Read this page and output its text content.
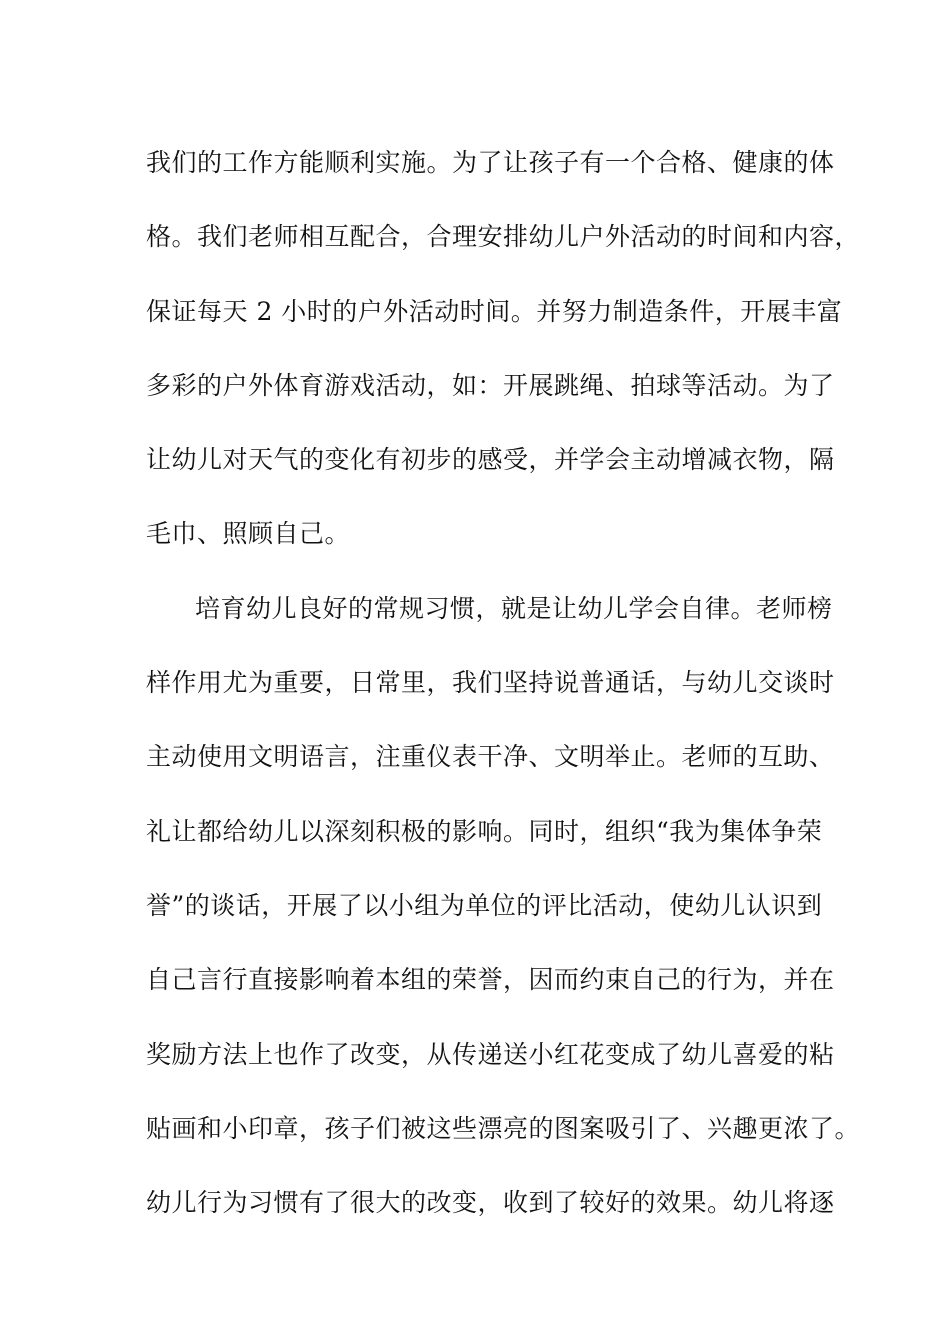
我们的工作方能顺利实施。为了让孩子有一个合格、健康的体
格。我们老师相互配合，合理安排幼儿户外活动的时间和内容，
保证每天 2 小时的户外活动时间。并努力制造条件，开展丰富
多彩的户外体育游戏活动，如：开展跳绳、拍球等活动。为了
让幼儿对天气的变化有初步的感受，并学会主动增减衣物，隔
毛巾、照顾自己。
培育幼儿良好的常规习惯，就是让幼儿学会自律。老师榜
样作用尤为重要，日常里，我们坚持说普通话，与幼儿交谈时
主动使用文明语言，注重仪表干净、文明举止。老师的互助、
礼让都给幼儿以深刻积极的影响。同时，组织“我为集体争荣
誉”的谈话，开展了以小组为单位的评比活动，使幼儿认识到
自己言行直接影响着本组的荣誉，因而约束自己的行为，并在
奖励方法上也作了改变，从传递送小红花变成了幼儿喜爱的粘
贴画和小印章，孩子们被这些漂亮的图案吸引了、兴趣更浓了。
幼儿行为习惯有了很大的改变，收到了较好的效果。幼儿将逐
